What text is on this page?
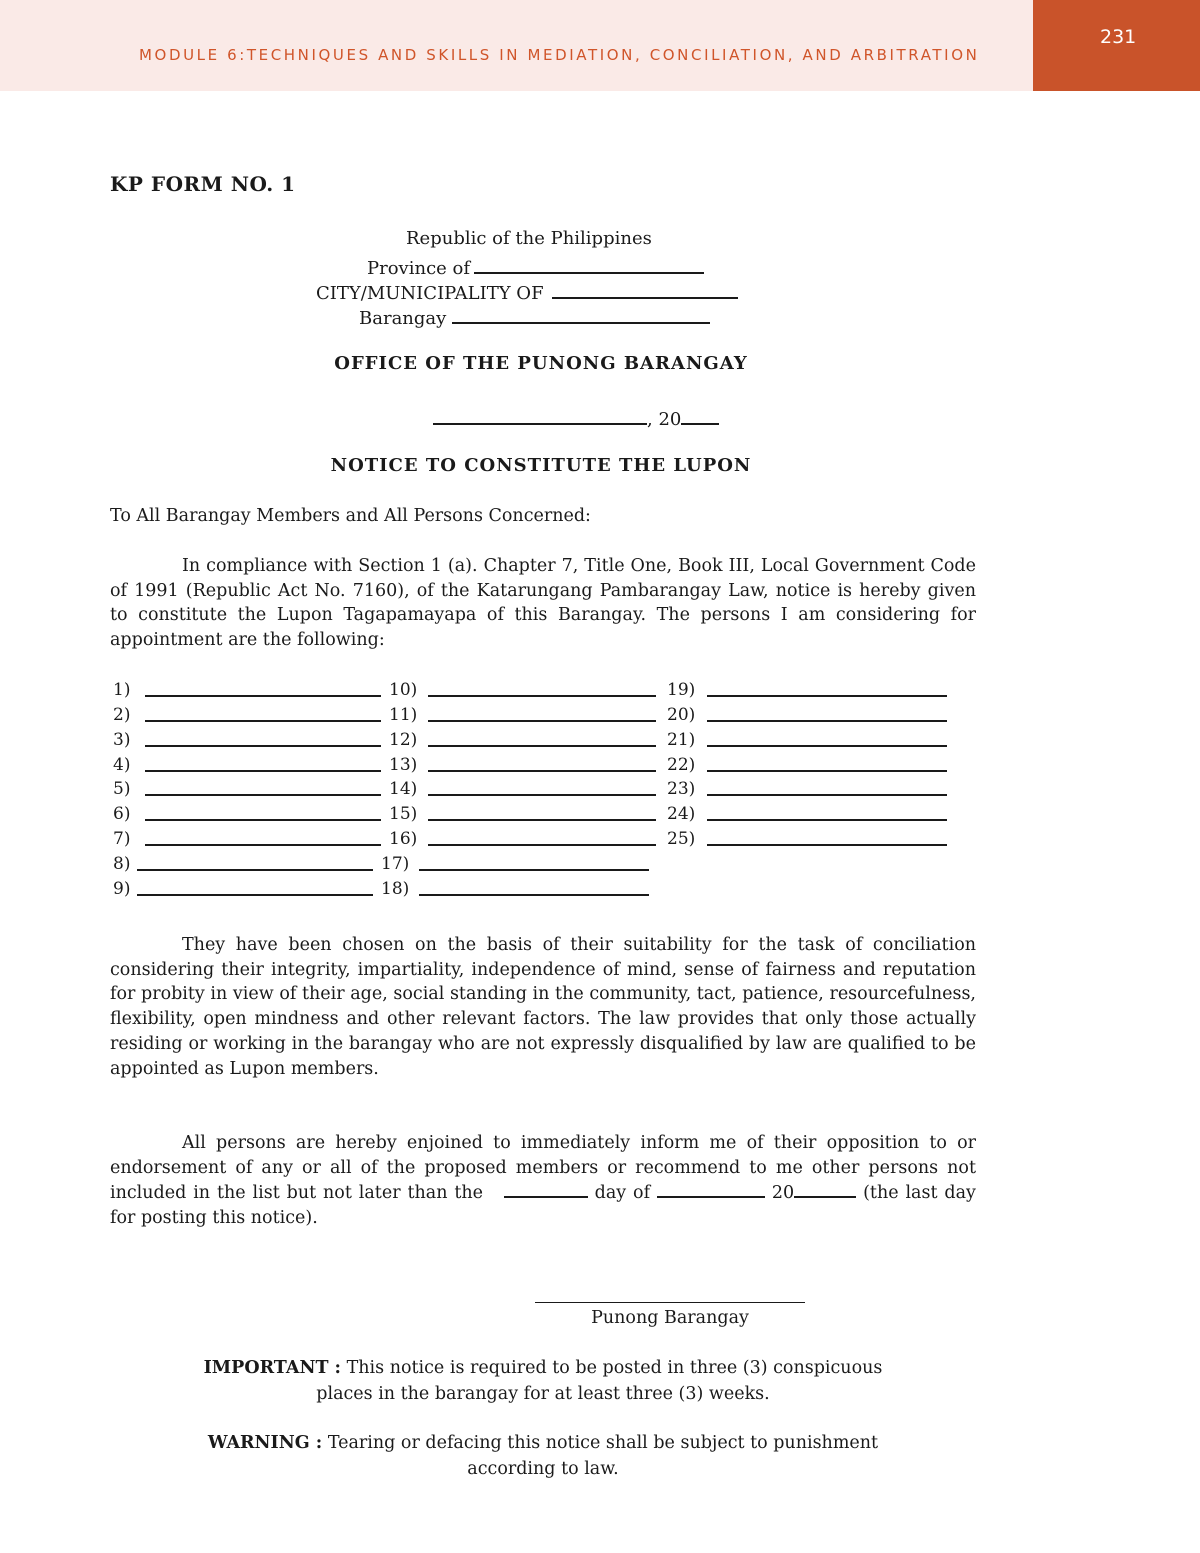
MODULE 6:TECHNIQUES AND SKILLS IN MEDIATION, CONCILIATION, AND ARBITRATION
231
KP FORM NO. 1
Republic of the Philippines
Province of
CITY/MUNICIPALITY OF
Barangay
OFFICE OF THE PUNONG BARANGAY
, 20
NOTICE TO CONSTITUTE THE LUPON
To All Barangay Members and All Persons Concerned:
In compliance with Section 1 (a). Chapter 7, Title One, Book III, Local Government Code of 1991 (Republic Act No. 7160), of the Katarungang Pambarangay Law, notice is hereby given to constitute the Lupon Tagapamayapa of this Barangay. The persons I am considering for appointment are the following:
1)
2)
3)
4)
5)
6)
7)
8)
9)
10)
11)
12)
13)
14)
15)
16)
17)
18)
19)
20)
21)
22)
23)
24)
25)
They have been chosen on the basis of their suitability for the task of conciliation considering their integrity, impartiality, independence of mind, sense of fairness and reputation for probity in view of their age, social standing in the community, tact, patience, resourcefulness, flexibility, open mindness and other relevant factors. The law provides that only those actually residing or working in the barangay who are not expressly disqualified by law are qualified to be appointed as Lupon members.
All persons are hereby enjoined to immediately inform me of their opposition to or endorsement of any or all of the proposed members or recommend to me other persons not included in the list but not later than the	day of	20	(the last day for posting this notice).
Punong Barangay
IMPORTANT : This notice is required to be posted in three (3) conspicuous
places in the barangay for at least three (3) weeks.
WARNING : Tearing or defacing this notice shall be subject to punishment
according to law.
